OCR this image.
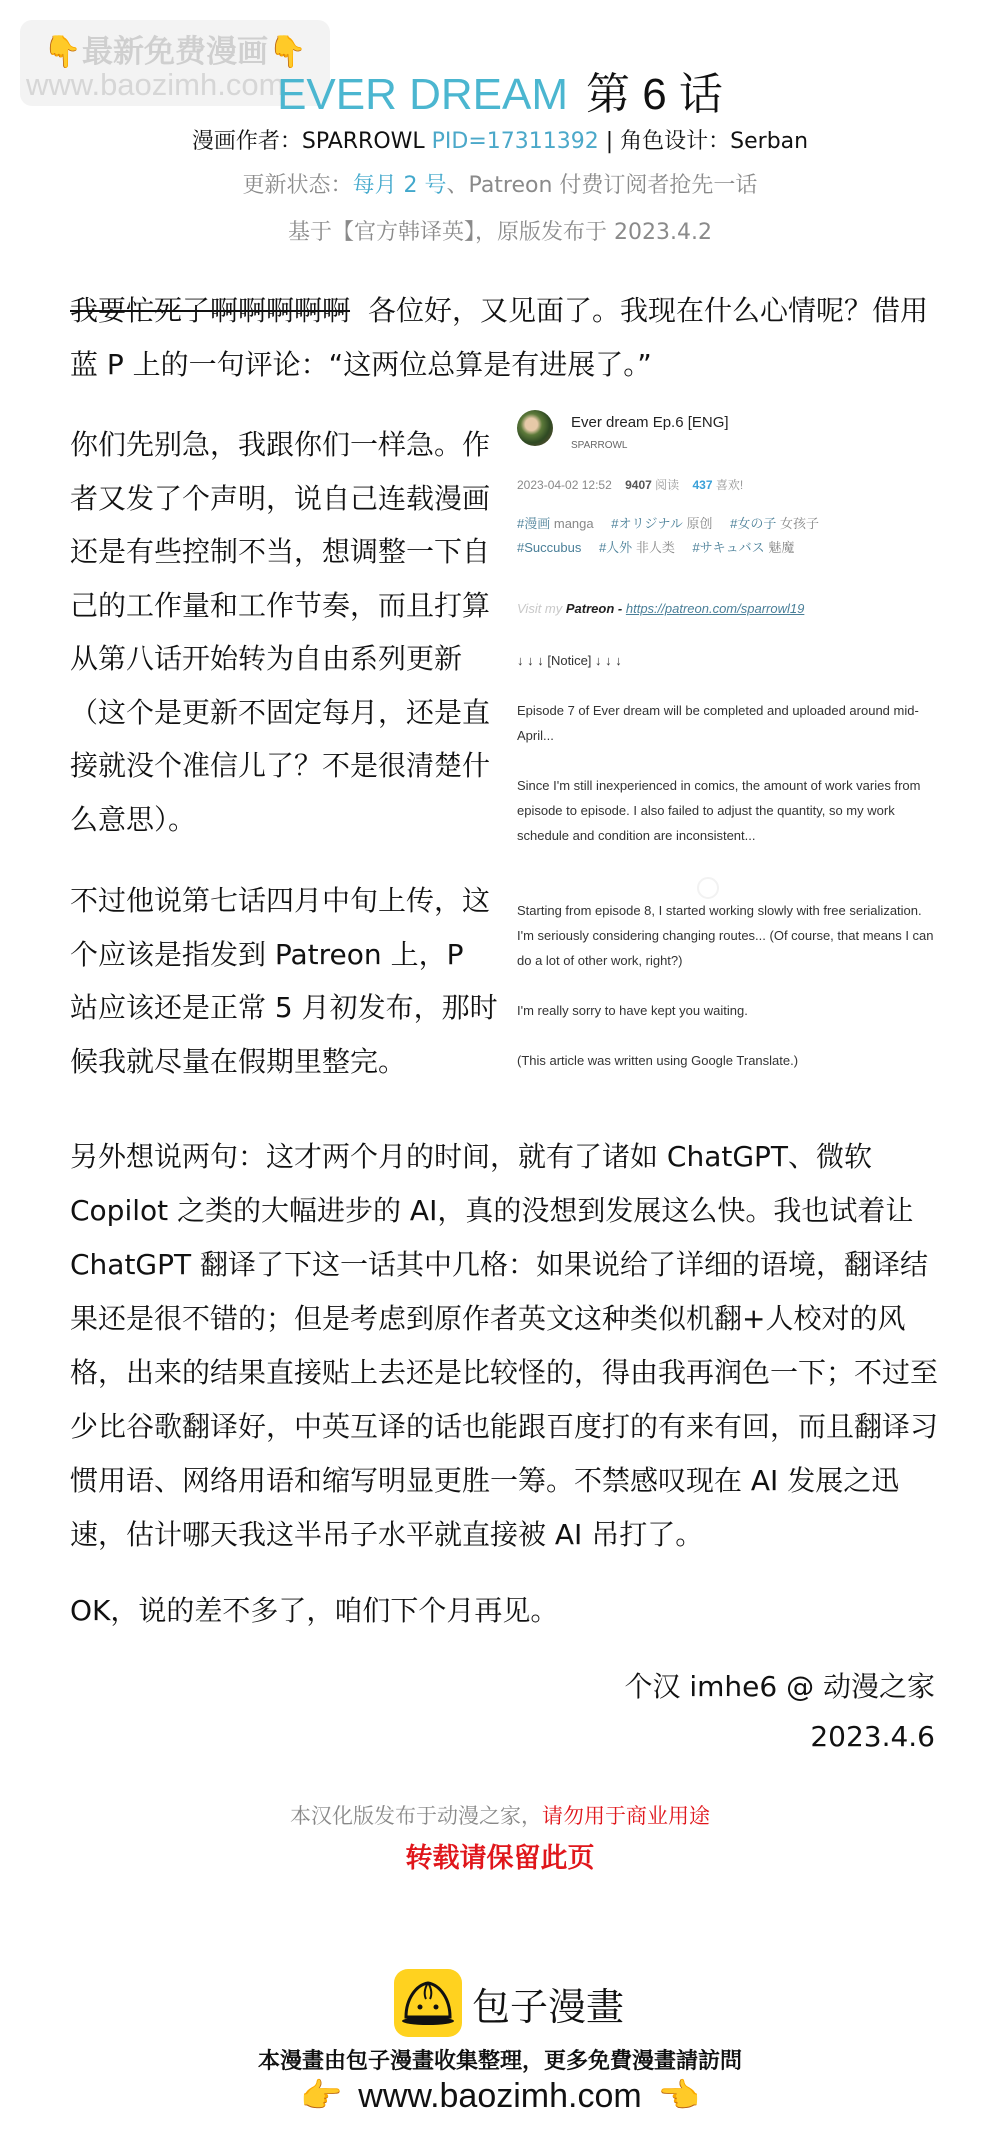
👇最新免费漫画👇
www.baozimh.com
EVER DREAM 第 6 话
漫画作者：SPARROWL PID=17311392 | 角色设计：Serban
更新状态：每月 2 号、Patreon 付费订阅者抢先一话
基于【官方韩译英】，原版发布于 2023.4.2
我要忙死了啊啊啊啊啊 各位好，又见面了。我现在什么心情呢？借用蓝 P 上的一句评论：“这两位总算是有进展了。”
你们先别急，我跟你们一样急。作者又发了个声明，说自己连载漫画还是有些控制不当，想调整一下自己的工作量和工作节奏，而且打算从第八话开始转为自由系列更新（这个是更新不固定每月，还是直接就没个准信儿了？不是很清楚什么意思）。
不过他说第七话四月中旬上传，这个应该是指发到 Patreon 上，P 站应该还是正常 5 月初发布，那时候我就尽量在假期里整完。
Ever dream Ep.6 [ENG]
SPARROWL
2023-04-02 12:52 9407 阅读 437 喜欢!
#漫画 manga #オリジナル 原创 #女の子 女孩子
#Succubus #人外 非人类 #サキュバス 魅魔
Visit my Patreon - https://patreon.com/sparrowl19
↓ ↓ ↓ [Notice] ↓ ↓ ↓
Episode 7 of Ever dream will be completed and uploaded around mid-April...
Since I'm still inexperienced in comics, the amount of work varies from episode to episode. I also failed to adjust the quantity, so my work schedule and condition are inconsistent...
Starting from episode 8, I started working slowly with free serialization. I'm seriously considering changing routes... (Of course, that means I can do a lot of other work, right?)
I'm really sorry to have kept you waiting.
(This article was written using Google Translate.)
另外想说两句：这才两个月的时间，就有了诸如 ChatGPT、微软 Copilot 之类的大幅进步的 AI，真的没想到发展这么快。我也试着让 ChatGPT 翻译了下这一话其中几格：如果说给了详细的语境，翻译结果还是很不错的；但是考虑到原作者英文这种类似机翻+人校对的风格，出来的结果直接贴上去还是比较怪的，得由我再润色一下；不过至少比谷歌翻译好，中英互译的话也能跟百度打的有来有回，而且翻译习惯用语、网络用语和缩写明显更胜一筹。不禁感叹现在 AI 发展之迅速，估计哪天我这半吊子水平就直接被 AI 吊打了。
OK，说的差不多了，咱们下个月再见。
个汉 imhe6 @ 动漫之家
2023.4.6
本汉化版发布于动漫之家，请勿用于商业用途
转载请保留此页
包子漫畫
本漫畫由包子漫畫收集整理，更多免費漫畫請訪問
👉 www.baozimh.com 👈
